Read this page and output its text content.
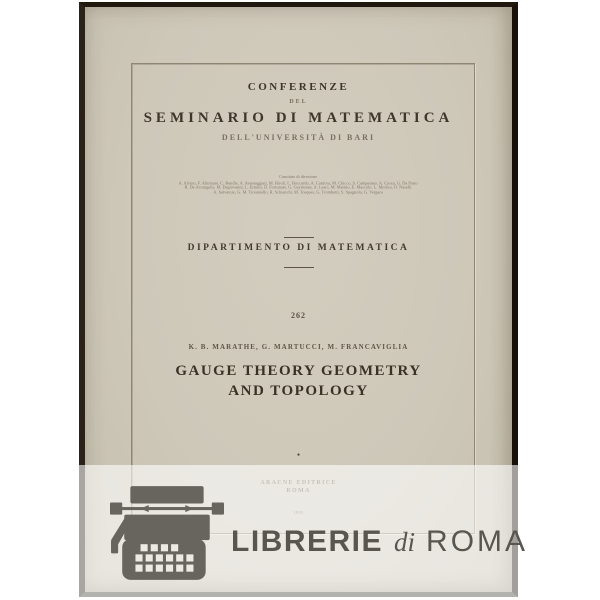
CONFERENZE
DEL
SEMINARIO DI MATEMATICA
DELL'UNIVERSITÀ DI BARI
Comitato di direzione
A. Alvino, F. Altomare, C. Bandle, A. Avantaggiati, M. Biroli, L. Boccardo, A. Canfora, M. Chicco, S. Campanato, A. Cossu, G. Da Prato
R. De Arcangelis, M. Degiovanni, L. Ermini, D. Fortunato, G. Geymonat, A. Leaci, M. Marino, E. Mascolo, L. Modica, O. Naselli
A. Salvatore, G. M. Troianiello, R. Schianchi, M. Tosques, G. Trombetti, S. Spagnolo, G. Vergara
DIPARTIMENTO DI MATEMATICA
262
K. B. MARATHE, G. MARTUCCI, M. FRANCAVIGLIA
GAUGE THEORY GEOMETRY
AND TOPOLOGY
●
LIBRERIE di ROMA
